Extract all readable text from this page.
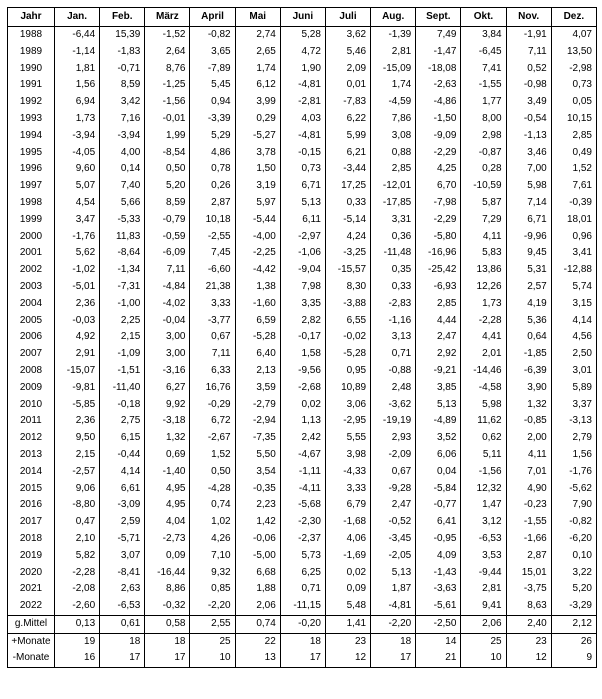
Jahr	Jan.	Feb.	März	April	Mai	Juni	Juli	Aug.	Sept.	Okt.	Nov.	Dez.
1988	-6,44	15,39	-1,52	-0,82	2,74	5,28	3,62	-1,39	7,49	3,84	-1,91	4,07
1989	-1,14	-1,83	2,64	3,65	2,65	4,72	5,46	2,81	-1,47	-6,45	7,11	13,50
1990	1,81	-0,71	8,76	-7,89	1,74	1,90	2,09	-15,09	-18,08	7,41	0,52	-2,98
1991	1,56	8,59	-1,25	5,45	6,12	-4,81	0,01	1,74	-2,63	-1,55	-0,98	0,73
1992	6,94	3,42	-1,56	0,94	3,99	-2,81	-7,83	-4,59	-4,86	1,77	3,49	0,05
1993	1,73	7,16	-0,01	-3,39	0,29	4,03	6,22	7,86	-1,50	8,00	-0,54	10,15
1994	-3,94	-3,94	1,99	5,29	-5,27	-4,81	5,99	3,08	-9,09	2,98	-1,13	2,85
1995	-4,05	4,00	-8,54	4,86	3,78	-0,15	6,21	0,88	-2,29	-0,87	3,46	0,49
1996	9,60	0,14	0,50	0,78	1,50	0,73	-3,44	2,85	4,25	0,28	7,00	1,52
1997	5,07	7,40	5,20	0,26	3,19	6,71	17,25	-12,01	6,70	-10,59	5,98	7,61
1998	4,54	5,66	8,59	2,87	5,97	5,13	0,33	-17,85	-7,98	5,87	7,14	-0,39
1999	3,47	-5,33	-0,79	10,18	-5,44	6,11	-5,14	3,31	-2,29	7,29	6,71	18,01
2000	-1,76	11,83	-0,59	-2,55	-4,00	-2,97	4,24	0,36	-5,80	4,11	-9,96	0,96
2001	5,62	-8,64	-6,09	7,45	-2,25	-1,06	-3,25	-11,48	-16,96	5,83	9,45	3,41
2002	-1,02	-1,34	7,11	-6,60	-4,42	-9,04	-15,57	0,35	-25,42	13,86	5,31	-12,88
2003	-5,01	-7,31	-4,84	21,38	1,38	7,98	8,30	0,33	-6,93	12,26	2,57	5,74
2004	2,36	-1,00	-4,02	3,33	-1,60	3,35	-3,88	-2,83	2,85	1,73	4,19	3,15
2005	-0,03	2,25	-0,04	-3,77	6,59	2,82	6,55	-1,16	4,44	-2,28	5,36	4,14
2006	4,92	2,15	3,00	0,67	-5,28	-0,17	-0,02	3,13	2,47	4,41	0,64	4,56
2007	2,91	-1,09	3,00	7,11	6,40	1,58	-5,28	0,71	2,92	2,01	-1,85	2,50
2008	-15,07	-1,51	-3,16	6,33	2,13	-9,56	0,95	-0,88	-9,21	-14,46	-6,39	3,01
2009	-9,81	-11,40	6,27	16,76	3,59	-2,68	10,89	2,48	3,85	-4,58	3,90	5,89
2010	-5,85	-0,18	9,92	-0,29	-2,79	0,02	3,06	-3,62	5,13	5,98	1,32	3,37
2011	2,36	2,75	-3,18	6,72	-2,94	1,13	-2,95	-19,19	-4,89	11,62	-0,85	-3,13
2012	9,50	6,15	1,32	-2,67	-7,35	2,42	5,55	2,93	3,52	0,62	2,00	2,79
2013	2,15	-0,44	0,69	1,52	5,50	-4,67	3,98	-2,09	6,06	5,11	4,11	1,56
2014	-2,57	4,14	-1,40	0,50	3,54	-1,11	-4,33	0,67	0,04	-1,56	7,01	-1,76
2015	9,06	6,61	4,95	-4,28	-0,35	-4,11	3,33	-9,28	-5,84	12,32	4,90	-5,62
2016	-8,80	-3,09	4,95	0,74	2,23	-5,68	6,79	2,47	-0,77	1,47	-0,23	7,90
2017	0,47	2,59	4,04	1,02	1,42	-2,30	-1,68	-0,52	6,41	3,12	-1,55	-0,82
2018	2,10	-5,71	-2,73	4,26	-0,06	-2,37	4,06	-3,45	-0,95	-6,53	-1,66	-6,20
2019	5,82	3,07	0,09	7,10	-5,00	5,73	-1,69	-2,05	4,09	3,53	2,87	0,10
2020	-2,28	-8,41	-16,44	9,32	6,68	6,25	0,02	5,13	-1,43	-9,44	15,01	3,22
2021	-2,08	2,63	8,86	0,85	1,88	0,71	0,09	1,87	-3,63	2,81	-3,75	5,20
2022	-2,60	-6,53	-0,32	-2,20	2,06	-11,15	5,48	-4,81	-5,61	9,41	8,63	-3,29
g.Mittel	0,13	0,61	0,58	2,55	0,74	-0,20	1,41	-2,20	-2,50	2,06	2,40	2,12
+Monate	19	18	18	25	22	18	23	18	14	25	23	26
-Monate	16	17	17	10	13	17	12	17	21	10	12	9
